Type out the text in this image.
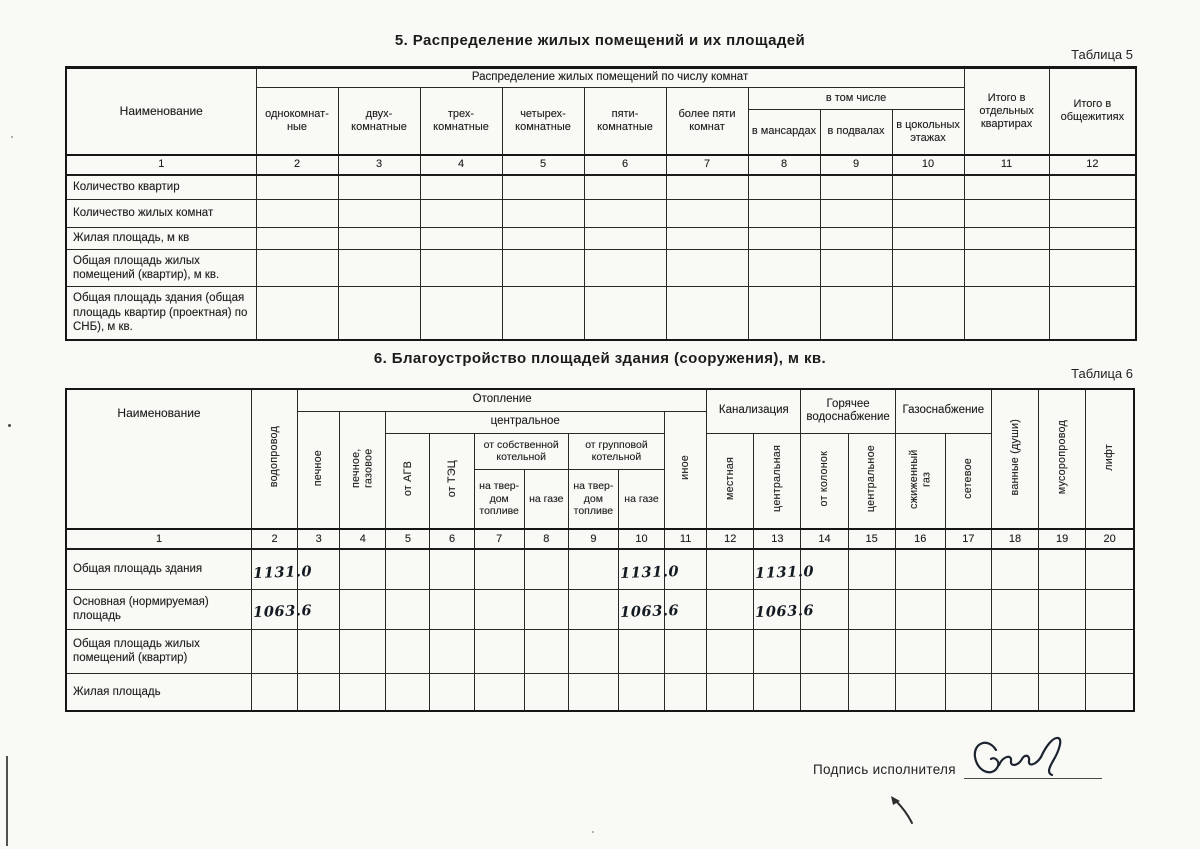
5. Распределение жилых помещений и их площадей
Таблица 5
Наименование	Распределение жилых помещений по числу комнат									Итого в отдельных квартирах	Итого в общежитиях
	однокомнат-ные	двух-комнатные	трех-комнатные	четырех-комнатные	пяти-комнатные	более пяти комнат	в том числе				
							в мансардах	в подвалах	в цокольных этажах		
1	2	3	4	5	6	7	8	9	10	11	12
Количество квартир											
Количество жилых комнат											
Жилая площадь, м кв											
Общая площадь жилых помещений (квартир), м кв.											
Общая площадь здания (общая площадь квартир (проектная) по СНБ), м кв.											
6. Благоустройство площадей здания (сооружения), м кв.
Таблица 6
Наименование	водопровод	Отопление									Канализация		Горячее водоснабжение		Газоснабжение		ванные (души)	мусоропровод	лифт
		печное	печное, газовое	центральное						иное									
				от АГВ	от ТЭЦ	от собственной котельной		от групповой котельной			местная	центральная	от колонок	центральное	сжиженный газ	сетевое			
						на твер-дом топливе	на газе	на твер-дом топливе	на газе										
1	2	3	4	5	6	7	8	9	10	11	12	13	14	15	16	17	18	19	20
Общая площадь здания	1131.0								1131.0			1131.0							
Основная (нормируемая) площадь	1063.6								1063.6			1063.6							
Общая площадь жилых помещений (квартир)																			
Жилая площадь																			
Подпись исполнителя
